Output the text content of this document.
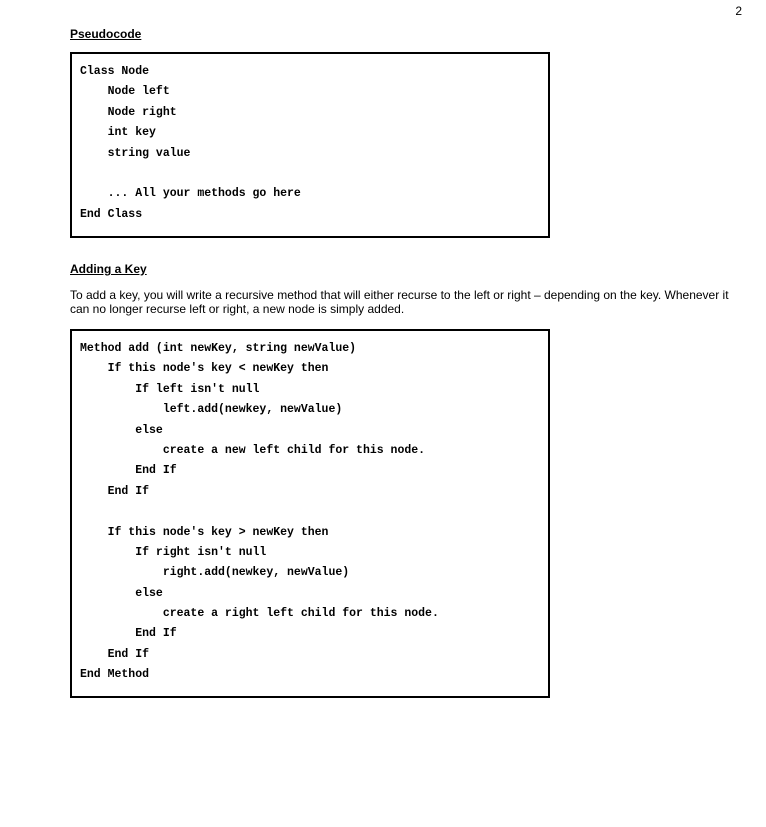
2
Pseudocode
Class Node
Node left
Node right
int key
string value
... All your methods go here
End Class
Adding a Key
To add a key, you will write a recursive method that will either recurse to the left or right – depending on the key. Whenever it
can no longer recurse left or right, a new node is simply added.
Method add (int newKey, string newValue)
If this node's key < newKey then
If left isn't null
left.add(newkey, newValue)
else
create a new left child for this node.
End If
End If
If this node's key > newKey then
If right isn't null
right.add(newkey, newValue)
else
create a right left child for this node.
End If
End If
End Method
